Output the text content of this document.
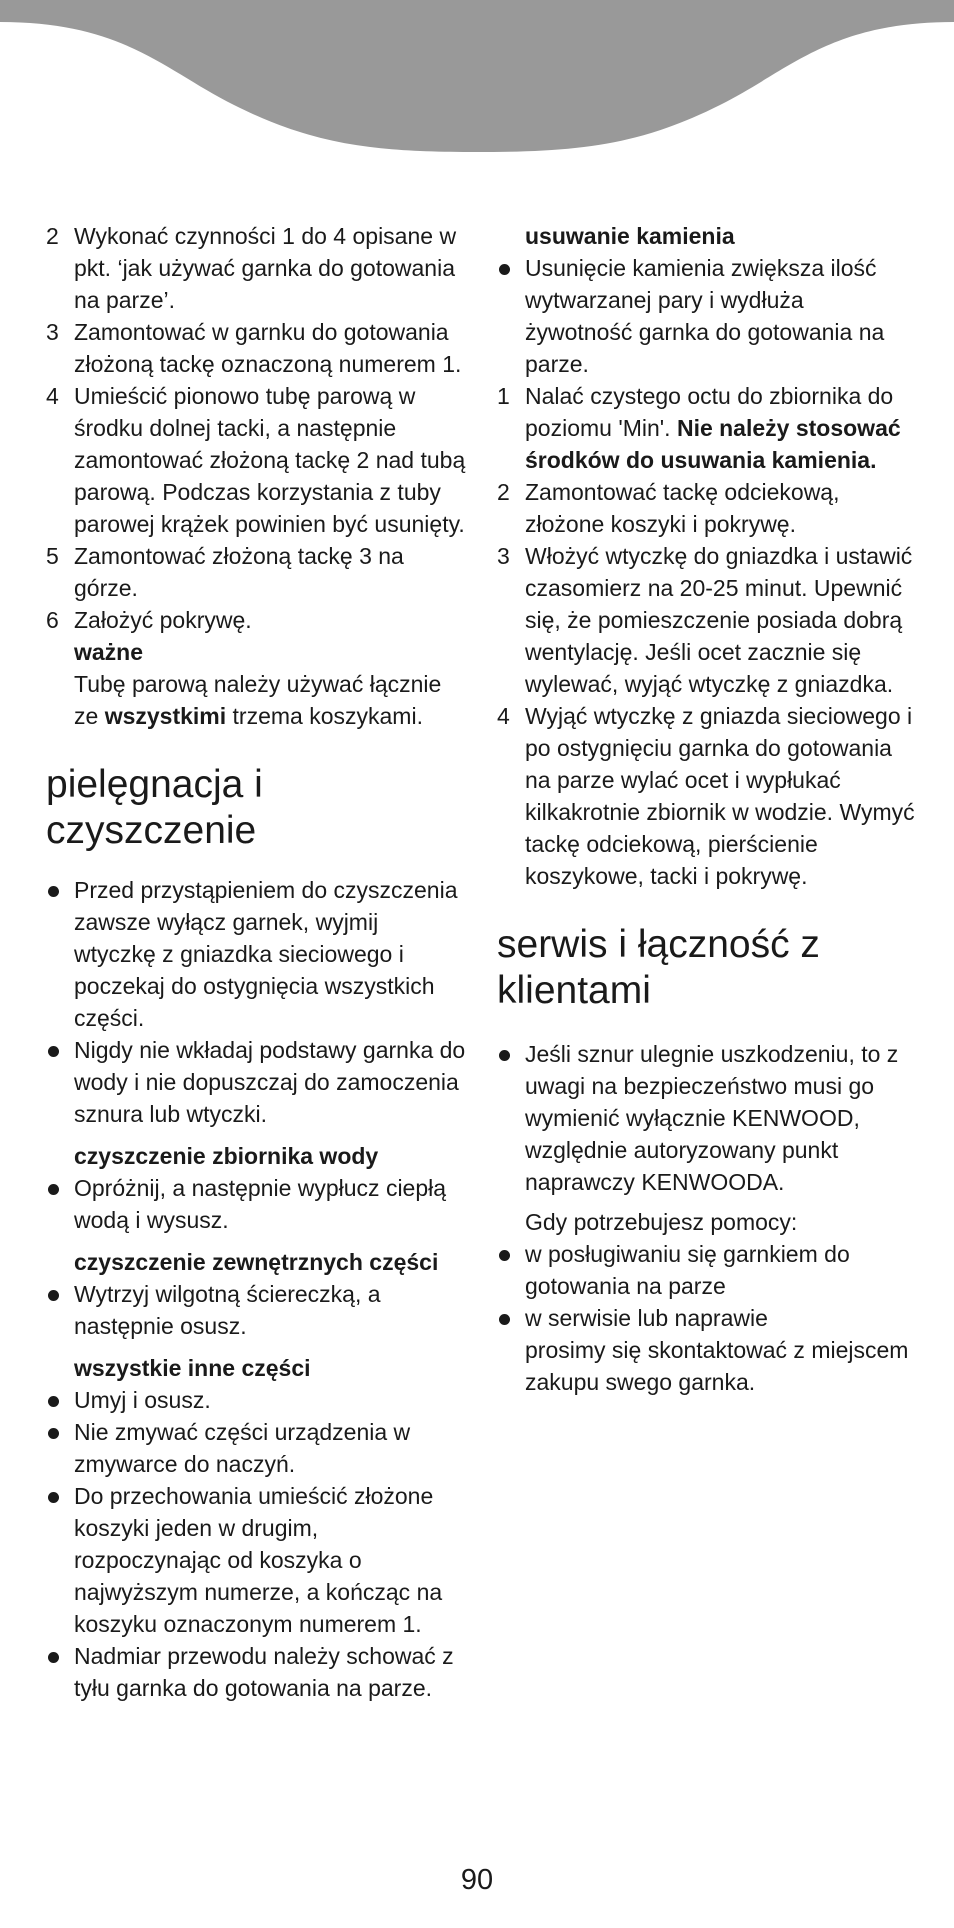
2 Wykonać czynności 1 do 4 opisane w pkt. ‘jak używać garnka do gotowania na parze’.
3 Zamontować w garnku do gotowania złożoną tackę oznaczoną numerem 1.
4 Umieścić pionowo tubę parową w środku dolnej tacki, a następnie zamontować złożoną tackę 2 nad tubą parową. Podczas korzystania z tuby parowej krążek powinien być usunięty.
5 Zamontować złożoną tackę 3 na górze.
6 Założyć pokrywę.
ważne
Tubę parową należy używać łącznie ze wszystkimi trzema koszykami.
pielęgnacja i czyszczenie
Przed przystąpieniem do czyszczenia zawsze wyłącz garnek, wyjmij wtyczkę z gniazdka sieciowego i poczekaj do ostygnięcia wszystkich części.
Nigdy nie wkładaj podstawy garnka do wody i nie dopuszczaj do zamoczenia sznura lub wtyczki.
czyszczenie zbiornika wody
Opróżnij, a następnie wypłucz ciepłą wodą i wysusz.
czyszczenie zewnętrznych części
Wytrzyj wilgotną ściereczką, a następnie osusz.
wszystkie inne części
Umyj i osusz.
Nie zmywać części urządzenia w zmywarce do naczyń.
Do przechowania umieścić złożone koszyki jeden w drugim, rozpoczynając od koszyka o najwyższym numerze, a kończąc na koszyku oznaczonym numerem 1.
Nadmiar przewodu należy schować z tyłu garnka do gotowania na parze.
usuwanie kamienia
Usunięcie kamienia zwiększa ilość wytwarzanej pary i wydłuża żywotność garnka do gotowania na parze.
1 Nalać czystego octu do zbiornika do poziomu 'Min'. Nie należy stosować środków do usuwania kamienia.
2 Zamontować tackę odciekową, złożone koszyki i pokrywę.
3 Włożyć wtyczkę do gniazdka i ustawić czasomierz na 20-25 minut. Upewnić się, że pomieszczenie posiada dobrą wentylację. Jeśli ocet zacznie się wylewać, wyjąć wtyczkę z gniazdka.
4 Wyjąć wtyczkę z gniazda sieciowego i po ostygnięciu garnka do gotowania na parze wylać ocet i wypłukać kilkakrotnie zbiornik w wodzie. Wymyć tackę odciekową, pierścienie koszykowe, tacki i pokrywę.
serwis i łączność z klientami
Jeśli sznur ulegnie uszkodzeniu, to z uwagi na bezpieczeństwo musi go wymienić wyłącznie KENWOOD, względnie autoryzowany punkt naprawczy KENWOODA.
Gdy potrzebujesz pomocy:
w posługiwaniu się garnkiem do gotowania na parze
w serwisie lub naprawie
prosimy się skontaktować z miejscem zakupu swego garnka.
90
